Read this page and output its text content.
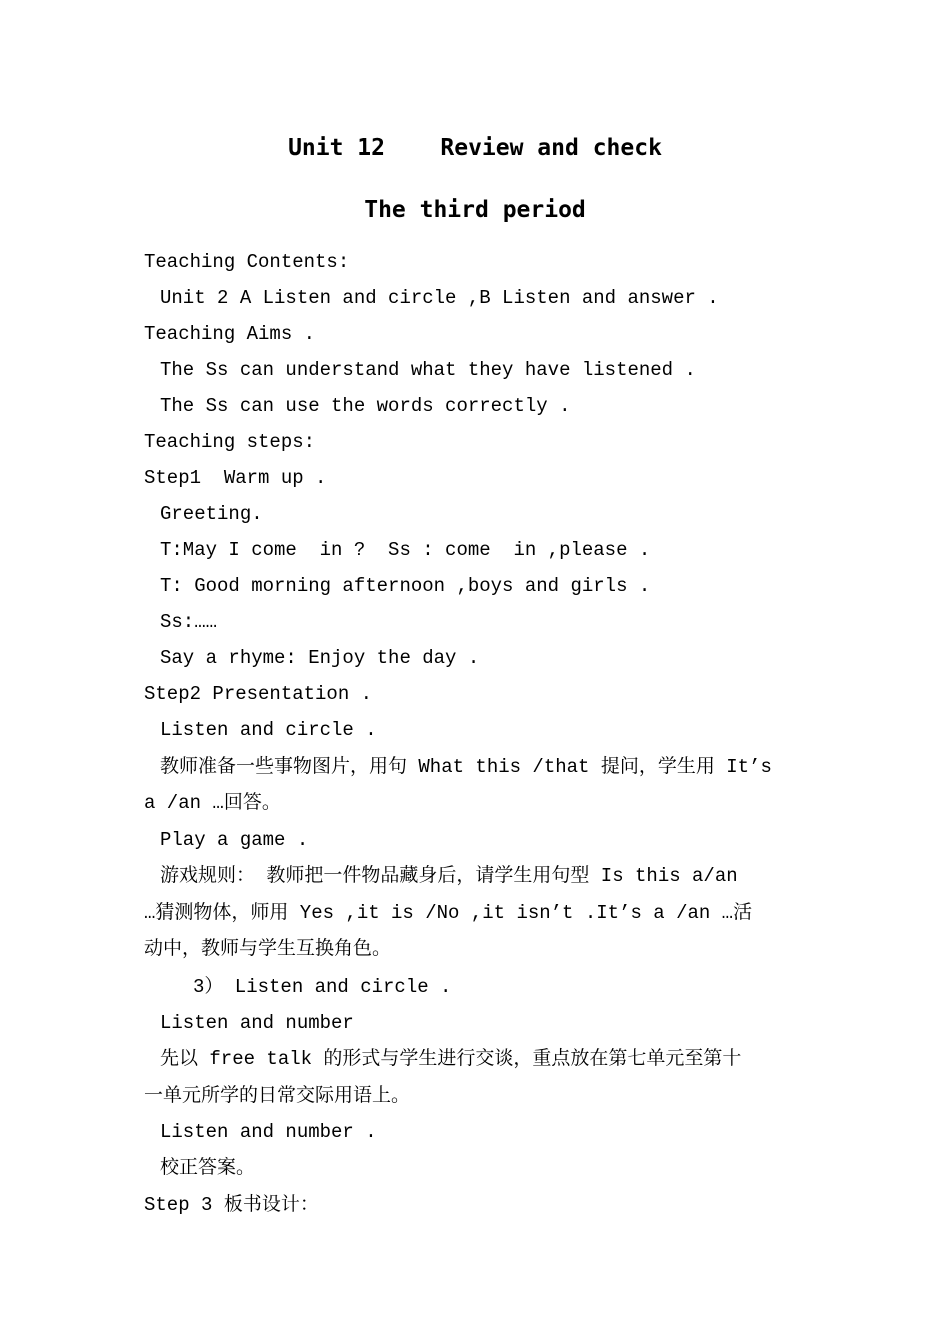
Unit 12    Review and check
The third period
Teaching Contents:
Unit 2 A Listen and circle ,B Listen and answer .
Teaching Aims .
The Ss can understand what they have listened .
The Ss can use the words correctly .
Teaching steps:
Step1  Warm up .
Greeting.
T:May I come  in ?  Ss : come  in ,please .
T: Good morning afternoon ,boys and girls .
Ss:……
Say a rhyme: Enjoy the day .
Step2 Presentation .
Listen and circle .
教师准备一些事物图片，用句 What this /that 提问，学生用 It’s
a /an …回答。
Play a game .
游戏规则： 教师把一件物品藏身后，请学生用句型 Is this a/an
…猜测物体，师用 Yes ,it is /No ,it isn’t .It’s a /an …活
动中，教师与学生互换角色。
3） Listen and circle .
Listen and number
先以 free talk 的形式与学生进行交谈，重点放在第七单元至第十
一单元所学的日常交际用语上。
Listen and number .
校正答案。
Step 3 板书设计：
